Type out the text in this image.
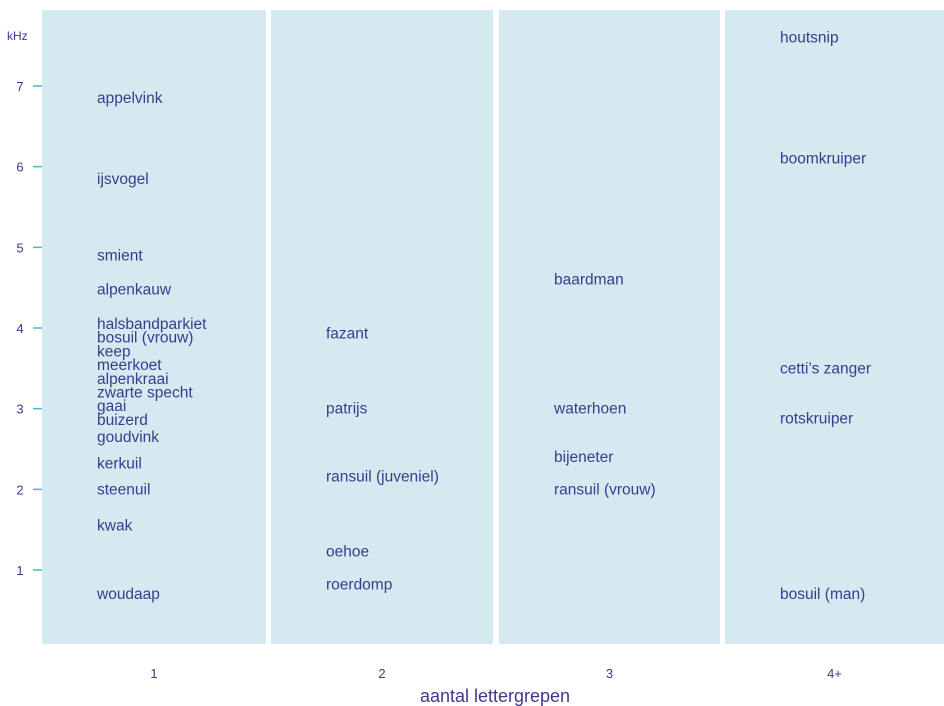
kHz
1
2
3
4
5
6
7
appelvink
ijsvogel
smient
alpenkauw
halsbandparkiet
bosuil (vrouw)
keep
meerkoet
alpenkraai
zwarte specht
gaai
buizerd
goudvink
kerkuil
steenuil
kwak
woudaap
fazant
patrijs
ransuil (juveniel)
oehoe
roerdomp
baardman
waterhoen
bijeneter
ransuil (vrouw)
houtsnip
boomkruiper
cetti’s zanger
rotskruiper
bosuil (man)
aantal lettergrepen
1	2	3	4+
